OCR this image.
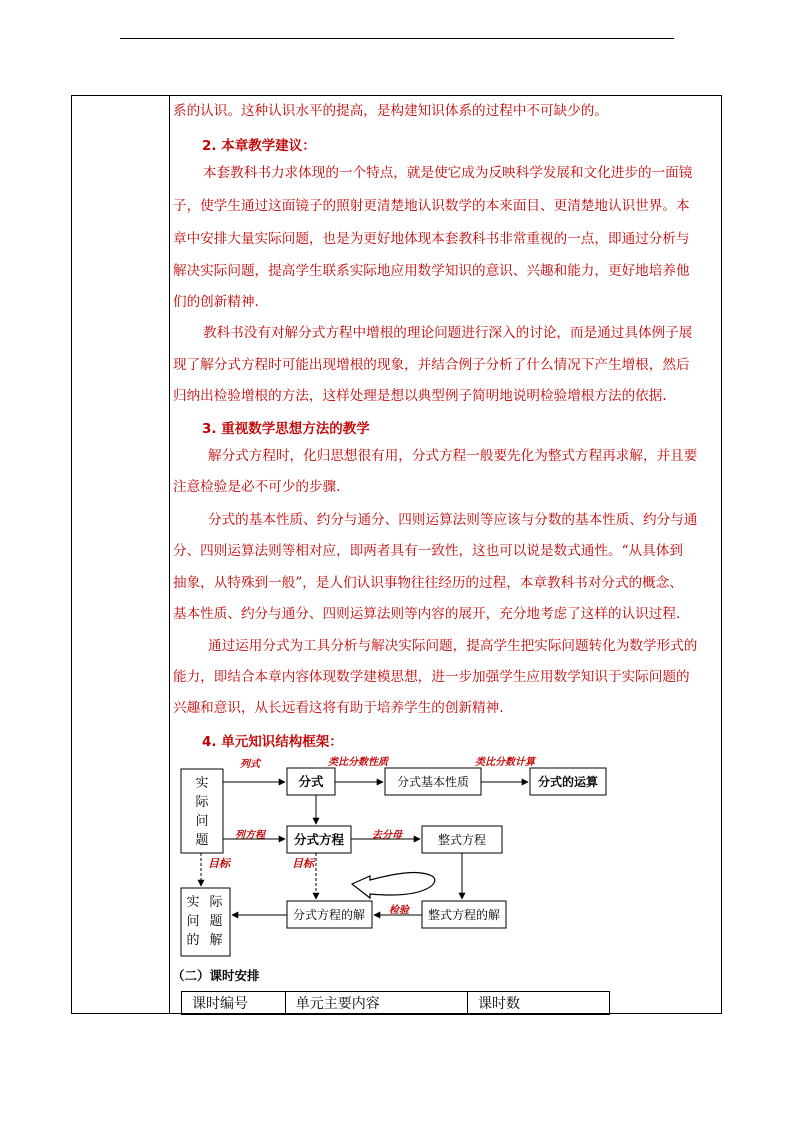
系的认识。这种认识水平的提高，是构建知识体系的过程中不可缺少的。
2. 本章教学建议：
本套教科书力求体现的一个特点，就是使它成为反映科学发展和文化进步的一面镜
子，使学生通过这面镜子的照射更清楚地认识数学的本来面目、更清楚地认识世界。本
章中安排大量实际问题，也是为更好地体现本套教科书非常重视的一点，即通过分析与
解决实际问题，提高学生联系实际地应用数学知识的意识、兴趣和能力，更好地培养他
们的创新精神.
教科书没有对解分式方程中增根的理论问题进行深入的讨论，而是通过具体例子展
现了解分式方程时可能出现增根的现象，并结合例子分析了什么情况下产生增根，然后
归纳出检验增根的方法，这样处理是想以典型例子简明地说明检验增根方法的依据.
3. 重视数学思想方法的教学
解分式方程时，化归思想很有用，分式方程一般要先化为整式方程再求解，并且要
注意检验是必不可少的步骤.
分式的基本性质、约分与通分、四则运算法则等应该与分数的基本性质、约分与通
分、四则运算法则等相对应，即两者具有一致性，这也可以说是数式通性。“从具体到
抽象，从特殊到一般”，是人们认识事物往往经历的过程，本章教科书对分式的概念、
基本性质、约分与通分、四则运算法则等内容的展开，充分地考虑了这样的认识过程.
通过运用分式为工具分析与解决实际问题，提高学生把实际问题转化为数学形式的
能力，即结合本章内容体现数学建模思想，进一步加强学生应用数学知识于实际问题的
兴趣和意识，从长远看这将有助于培养学生的创新精神.
4. 单元知识结构框架：
实
际
问
题
分式	分式基本性质	分式的运算
分式方程	整式方程
分式方程的解	整式方程的解
实 际
问 题
的 解
列式	类比分数性质	类比分数计算
列方程	去分母
目标	目标
检验
（二）课时安排
课时编号	单元主要内容	课时数
